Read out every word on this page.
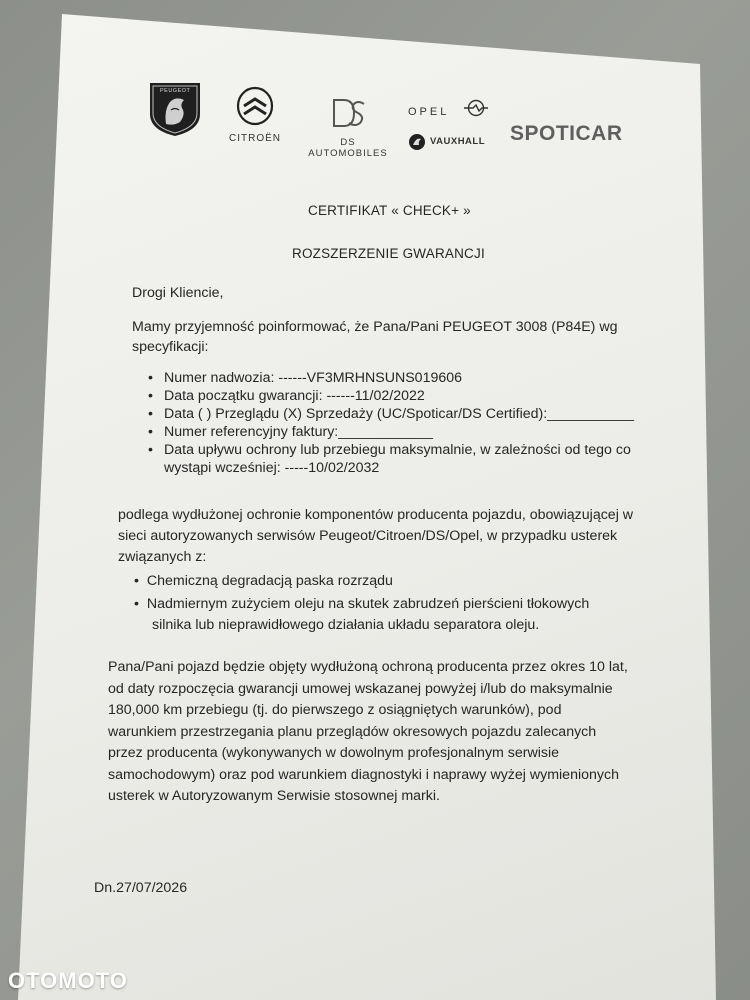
PEUGEOT
CITROËN	DS AUTOMOBILES
OPEL
VAUXHALL SPOTICAR
CERTIFIKAT « CHECK+ »
ROZSZERZENIE GWARANCJI
Drogi Kliencie,
Mamy przyjemność poinformować, że Pana/Pani PEUGEOT 3008 (P84E) wg
specyfikacji:
• Numer nadwozia: ------VF3MRHNSUNS019606
• Data początku gwarancji: ------11/02/2022
• Data ( ) Przeglądu (X) Sprzedaży (UC/Spoticar/DS Certified):___________
• Numer referencyjny faktury:____________
• Data upływu ochrony lub przebiegu maksymalnie, w zależności od tego co
wystąpi wcześniej: -----10/02/2032
podlega wydłużonej ochronie komponentów producenta pojazdu, obowiązującej w
sieci autoryzowanych serwisów Peugeot/Citroen/DS/Opel, w przypadku usterek
związanych z:
•  Chemiczną degradacją paska rozrządu
•  Nadmiernym zużyciem oleju na skutek zabrudzeń pierścieni tłokowych
silnika lub nieprawidłowego działania układu separatora oleju.
Pana/Pani pojazd będzie objęty wydłużoną ochroną producenta przez okres 10 lat,
od daty rozpoczęcia gwarancji umowej wskazanej powyżej i/lub do maksymalnie
180,000 km przebiegu (tj. do pierwszego z osiągniętych warunków), pod
warunkiem przestrzegania planu przeglądów okresowych pojazdu zalecanych
przez producenta (wykonywanych w dowolnym profesjonalnym serwisie
samochodowym) oraz pod warunkiem diagnostyki i naprawy wyżej wymienionych
usterek w Autoryzowanym Serwisie stosownej marki.
Dn.27/07/2026
OTOMOTO
